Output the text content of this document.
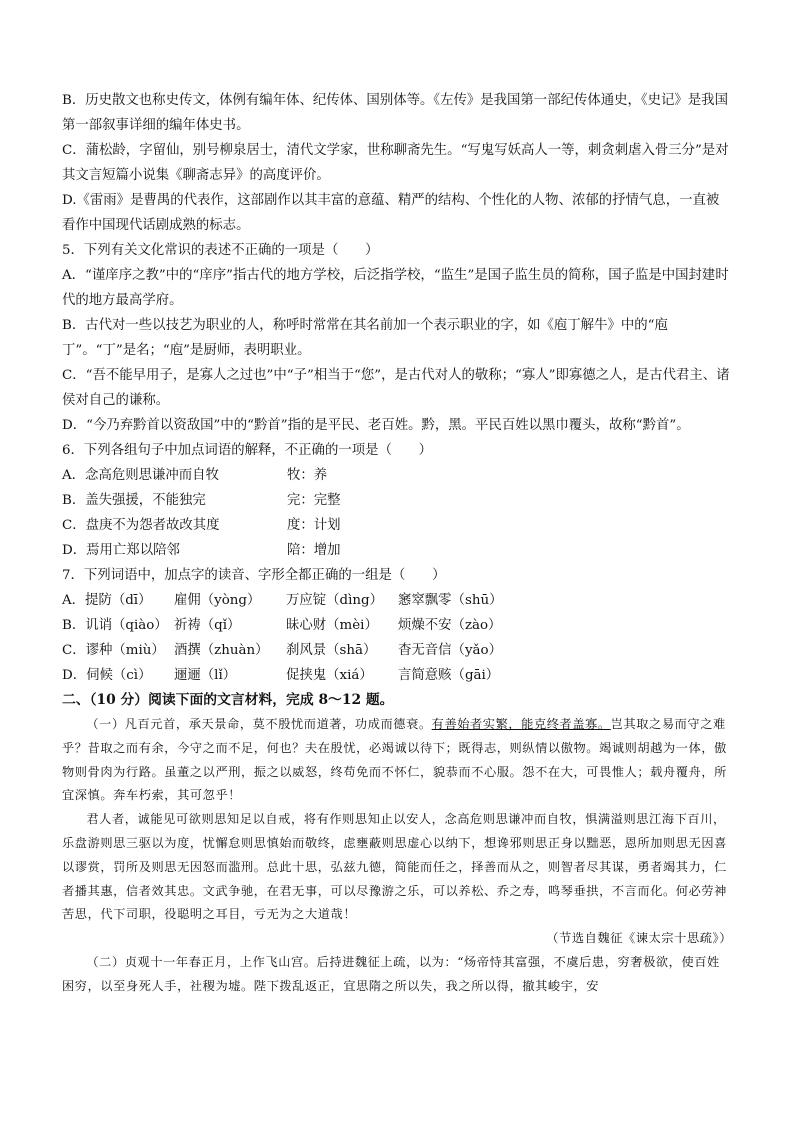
B．历史散文也称史传文，体例有编年体、纪传体、国别体等。《左传》是我国第一部纪传体通史，《史记》是我国第一部叙事详细的编年体史书。

C．蒲松龄，字留仙，别号柳泉居士，清代文学家，世称聊斋先生。“写鬼写妖高人一等，刺贪刺虐入骨三分”是对其文言短篇小说集《聊斋志异》的高度评价。

D.《雷雨》是曹禺的代表作，这部剧作以其丰富的意蕴、精严的结构、个性化的人物、浓郁的抒情气息，一直被看作中国现代话剧成熟的标志。

5．下列有关文化常识的表述不正确的一项是（　　）

A．“谨庠序之教”中的“庠序”指古代的地方学校，后泛指学校，“监生”是国子监生员的简称，国子监是中国封建时代的地方最高学府。

B．古代对一些以技艺为职业的人，称呼时常常在其名前加一个表示职业的字，如《庖丁解牛》中的“庖丁”。“丁”是名；“庖”是厨师，表明职业。

C．“吾不能早用子，是寡人之过也”中“子”相当于“您”，是古代对人的敬称；“寡人”即寡德之人，是古代君主、诸侯对自己的谦称。

D．“今乃弃黔首以资敌国”中的“黔首”指的是平民、老百姓。黔，黑。平民百姓以黑巾覆头，故称“黔首”。

6．下列各组句子中加点词语的解释，不正确的一项是（　　）

A．念高危则思谦冲而自牧	牧：养
B．盖失强援，不能独完	完：完整
C．盘庚不为怨者故改其度	度：计划
D．焉用亡郑以陪邻	陪：增加

7．下列词语中，加点字的读音、字形全都正确的一组是（　　）

A．提防（dī）	雇佣（yòng）	万应锭（dìng）	窸窣飘零（shū）
B．讥诮（qiào） 祈祷（qǐ）	昧心财（mèi）	烦燥不安（zào）
C．谬种（miù） 酒撰（zhuàn）	刹风景（shā）	杳无音信（yǎo）
D．伺候（cì）	逦逦（lǐ）	促挟鬼（xiá）	言简意赅（gāi）

二、（10 分）阅读下面的文言材料，完成 8～12 题。

（一）凡百元首，承天景命，莫不殷忧而道著，功成而德衰。有善始者实繁，能克终者盖寡。岂其取之易而守之难乎？昔取之而有余，今守之而不足，何也？夫在殷忧，必竭诚以待下；既得志，则纵情以傲物。竭诚则胡越为一体，傲物则骨肉为行路。虽董之以严刑，振之以威怒，终苟免而不怀仁，貌恭而不心服。怨不在大，可畏惟人；载舟覆舟，所宜深慎。奔车朽索，其可忽乎！

君人者，诚能见可欲则思知足以自戒，将有作则思知止以安人，念高危则思谦冲而自牧，惧满溢则思江海下百川，乐盘游则思三驱以为度，忧懈怠则思慎始而敬终，虑壅蔽则思虚心以纳下，想谗邪则思正身以黜恶，恩所加则思无因喜以谬赏，罚所及则思无因怒而滥刑。总此十思，弘兹九德，简能而任之，择善而从之，则智者尽其谋，勇者竭其力，仁者播其惠，信者效其忠。文武争驰，在君无事，可以尽豫游之乐，可以养松、乔之寿，鸣琴垂拱，不言而化。何必劳神苦思，代下司职，役聪明之耳目，亏无为之大道哉！

（节选自魏征《谏太宗十思疏》）

（二）贞观十一年春正月，上作飞山宫。后持进魏征上疏，以为：“炀帝恃其富强，不虞后患，穷奢极欲，使百姓困穷，以至身死人手，社稷为墟。陛下拨乱返正，宜思隋之所以失，我之所以得，撤其峻宇，安
